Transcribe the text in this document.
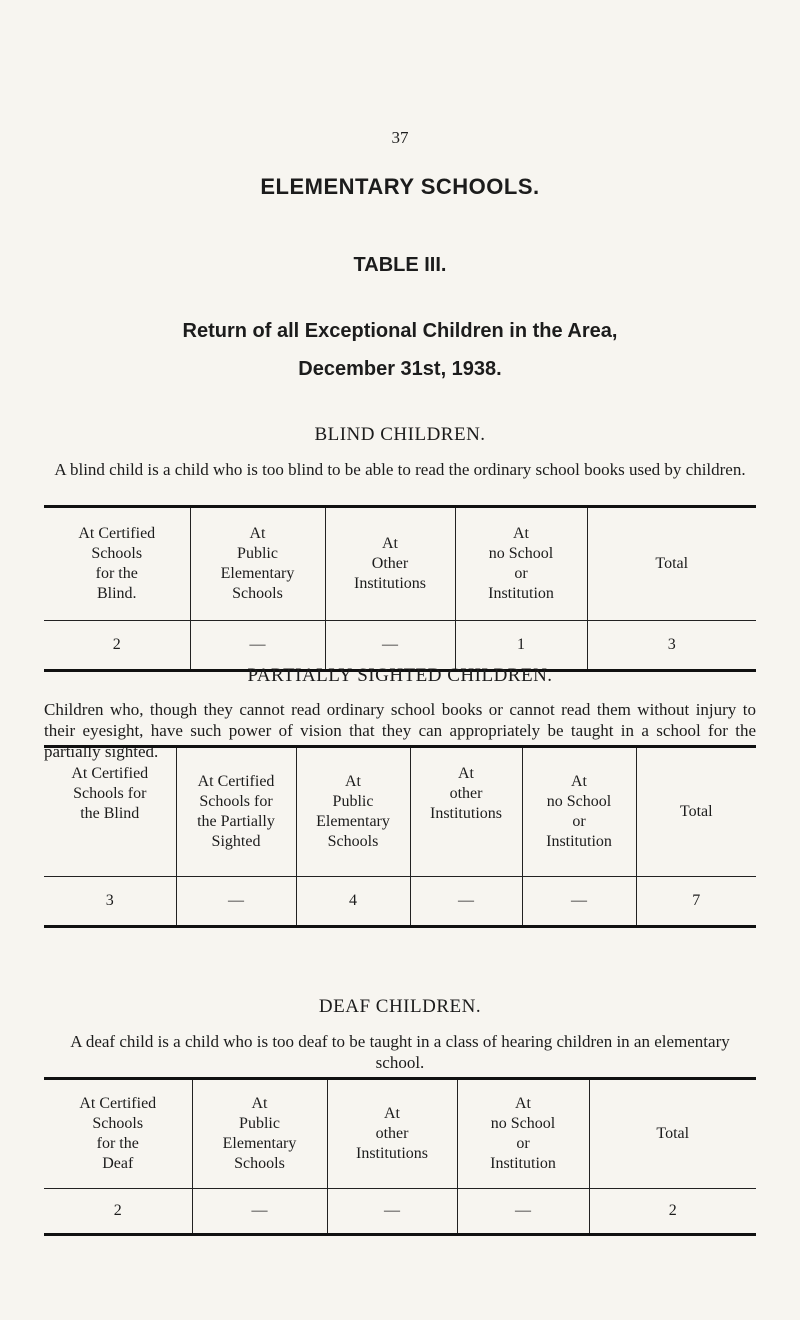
37
ELEMENTARY SCHOOLS.
TABLE III.
Return of all Exceptional Children in the Area,
December 31st, 1938.
BLIND CHILDREN.
A blind child is a child who is too blind to be able to read the ordinary school books used by children.
At Certified
Schools
for the
Blind.	At
Public
Elementary
Schools	At
Other
Institutions	At
no School
or
Institution	Total
2	—	—	1	3
PARTIALLY SIGHTED CHILDREN.
Children who, though they cannot read ordinary school books or cannot read them without injury to their eyesight, have such power of vision that they can appropriately be taught in a school for the partially sighted.
At Certified
Schools for
the Blind	At Certified
Schools for
the Partially
Sighted	At
Public
Elementary
Schools	At
other
Institutions	At
no School
or
Institution	Total
3	—	4	—	—	7
DEAF CHILDREN.
A deaf child is a child who is too deaf to be taught in a class of hearing children in an elementary school.
At Certified
Schools
for the
Deaf	At
Public
Elementary
Schools	At
other
Institutions	At
no School
or
Institution	Total
2	—	—	—	2
